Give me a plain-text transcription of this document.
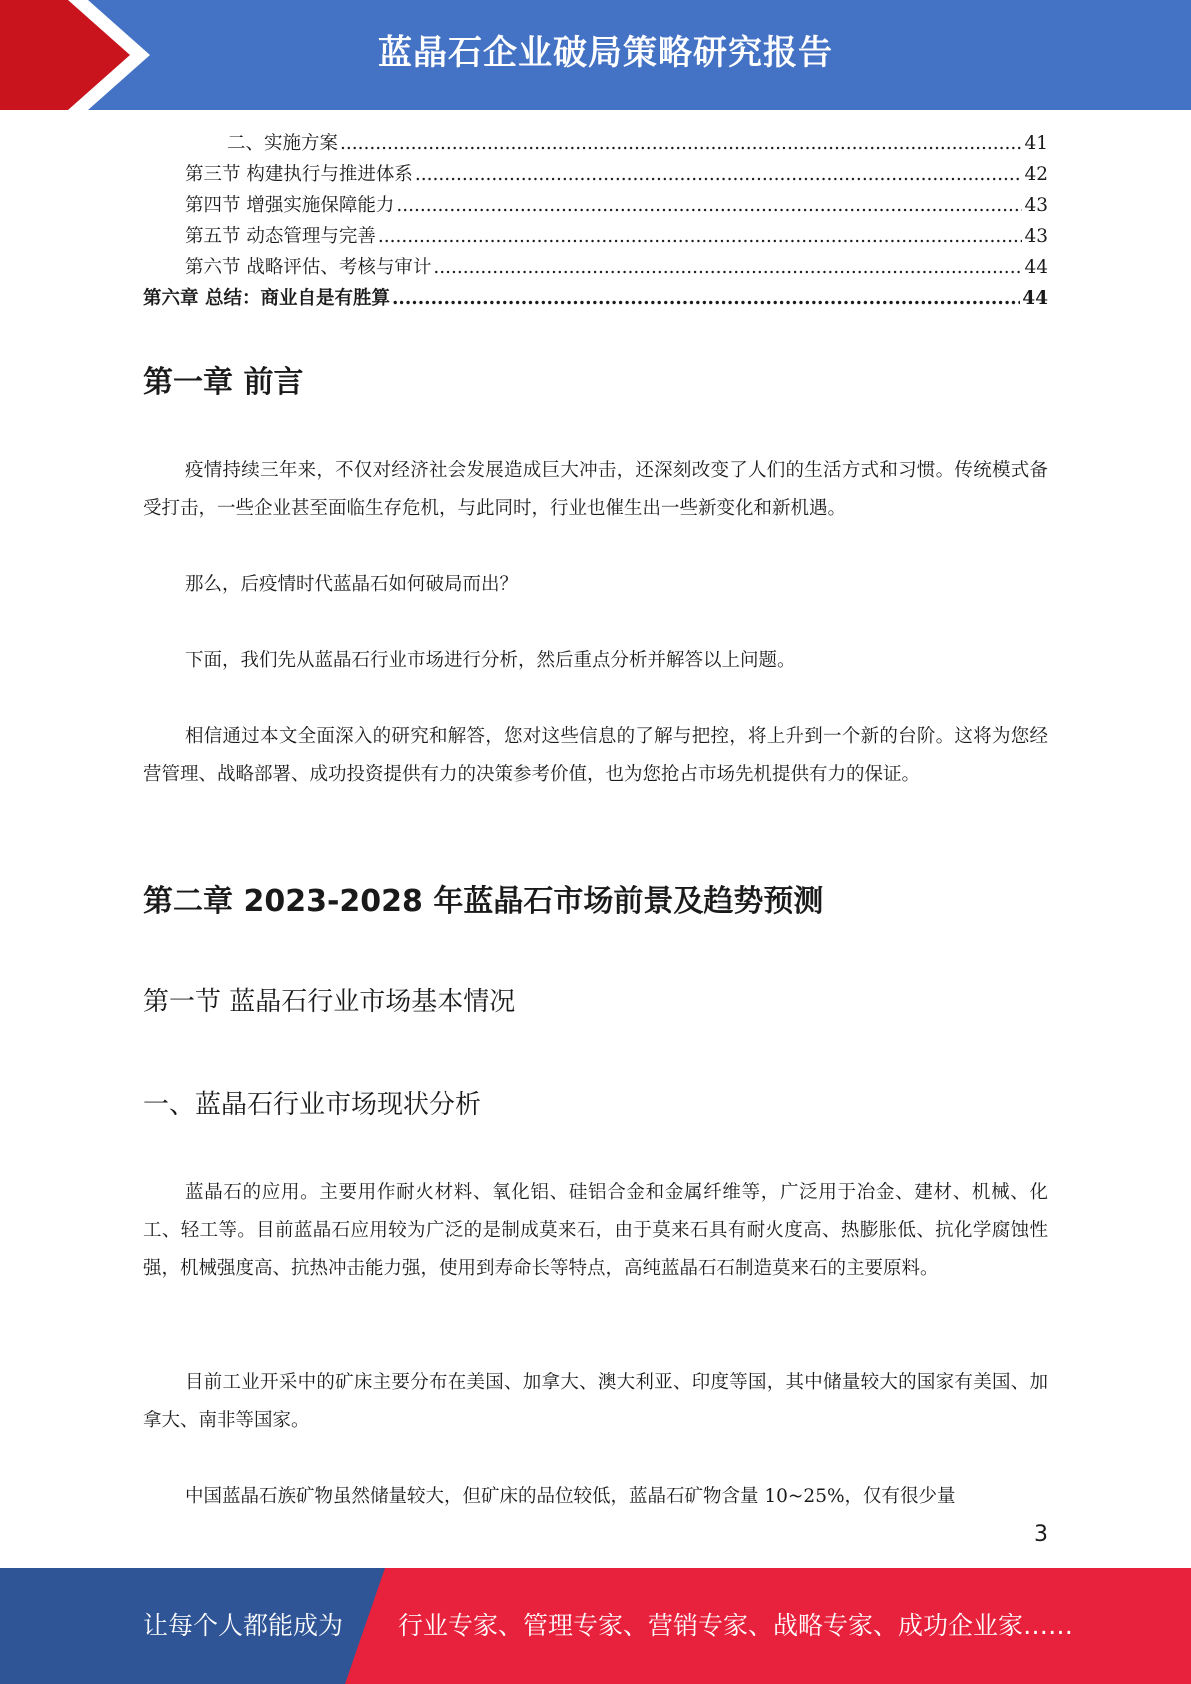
蓝晶石企业破局策略研究报告
二、实施方案 .....	41
第三节 构建执行与推进体系 .....	42
第四节 增强实施保障能力 .....	43
第五节 动态管理与完善 .....	43
第六节 战略评估、考核与审计 .....	44
第六章 总结：商业自是有胜算 .....	44
第一章 前言

疫情持续三年来，不仅对经济社会发展造成巨大冲击，还深刻改变了人们的生活方式和习惯。传统模式备受打击，一些企业甚至面临生存危机，与此同时，行业也催生出一些新变化和新机遇。

那么，后疫情时代蓝晶石如何破局而出？

下面，我们先从蓝晶石行业市场进行分析，然后重点分析并解答以上问题。

相信通过本文全面深入的研究和解答，您对这些信息的了解与把控，将上升到一个新的台阶。这将为您经营管理、战略部署、成功投资提供有力的决策参考价值，也为您抢占市场先机提供有力的保证。

第二章 2023-2028 年蓝晶石市场前景及趋势预测
第一节 蓝晶石行业市场基本情况
一、蓝晶石行业市场现状分析

蓝晶石的应用。主要用作耐火材料、氧化铝、硅铝合金和金属纤维等，广泛用于冶金、建材、机械、化工、轻工等。目前蓝晶石应用较为广泛的是制成莫来石，由于莫来石具有耐火度高、热膨胀低、抗化学腐蚀性强，机械强度高、抗热冲击能力强，使用到寿命长等特点，高纯蓝晶石石制造莫来石的主要原料。

目前工业开采中的矿床主要分布在美国、加拿大、澳大利亚、印度等国，其中储量较大的国家有美国、加拿大、南非等国家。

中国蓝晶石族矿物虽然储量较大，但矿床的品位较低，蓝晶石矿物含量 10~25%，仅有很少量

3
让每个人都能成为 行业专家、管理专家、营销专家、战略专家、成功企业家……
